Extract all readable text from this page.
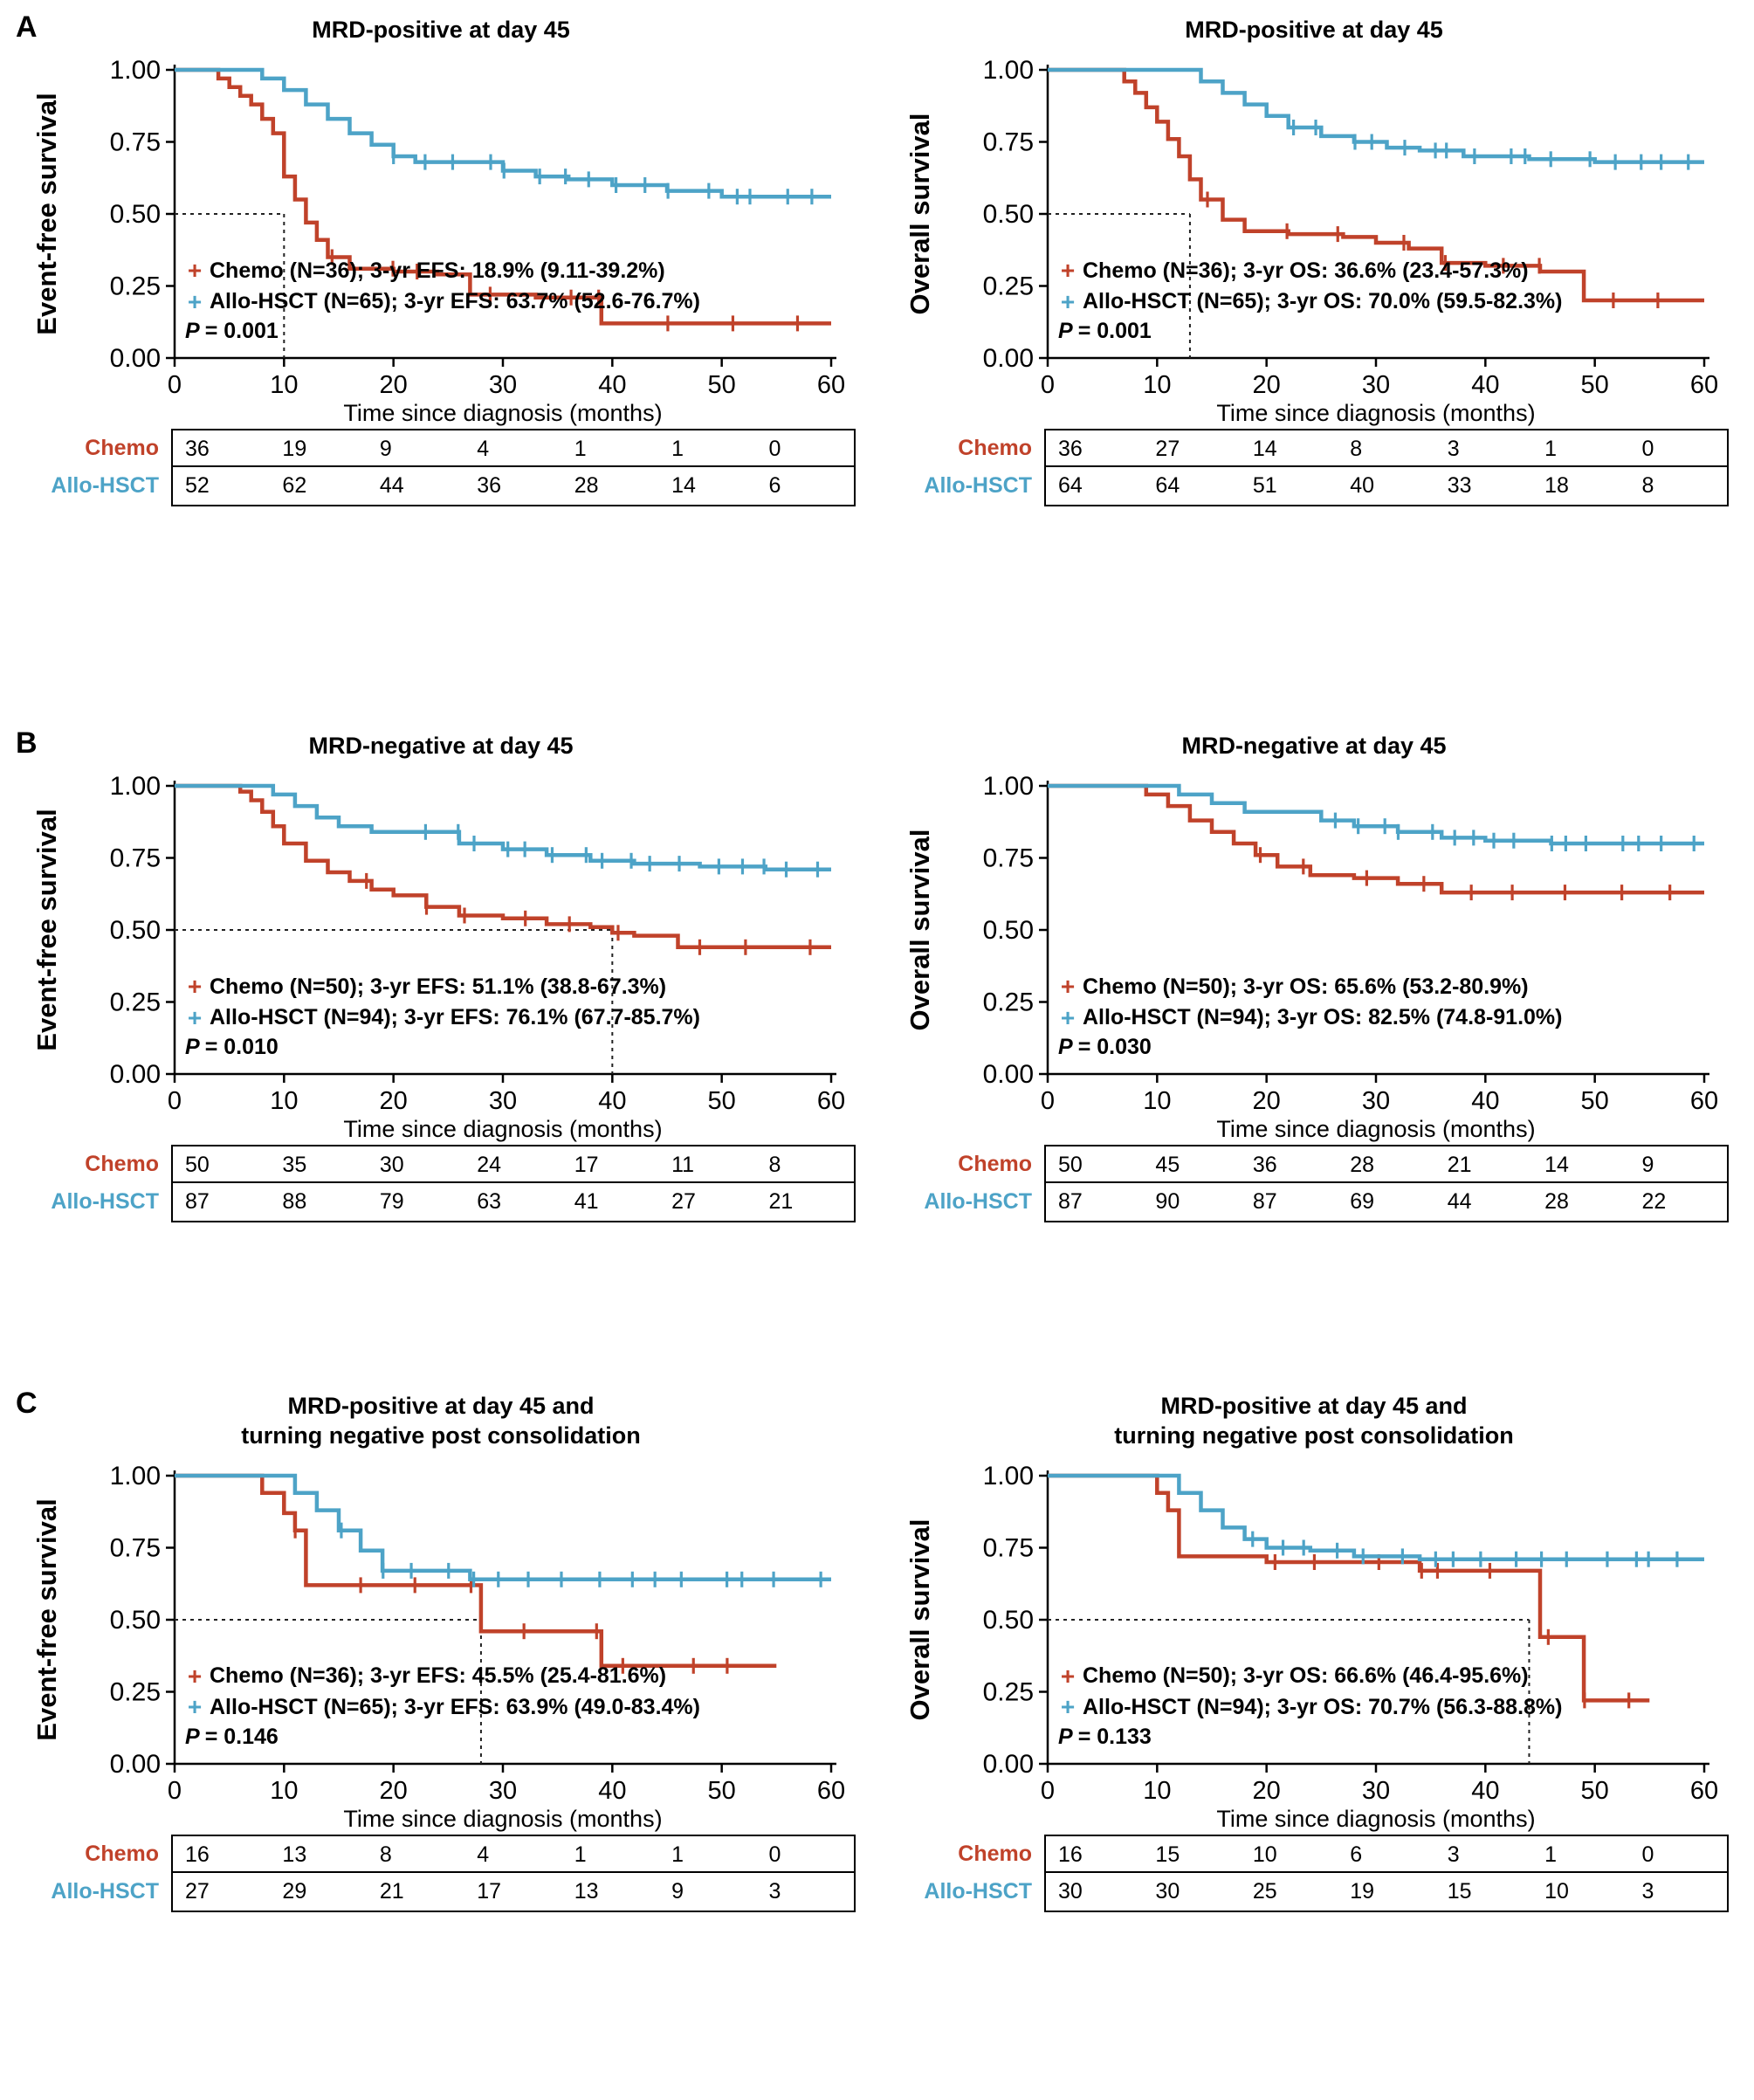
A
B
C
MRD-positive at day 45
0.00
0.25
0.50
0.75
1.00
0	10	20	30	40	50	60
Time since diagnosis (months)
Event-free survival	+ Chemo (N=36); 3-yr EFS: 18.9% (9.11-39.2%)
+ Allo-HSCT (N=65); 3-yr EFS: 63.7% (52.6-76.7%)
P = 0.001
Chemo	36	19	9	4	1	1	0
Allo-HSCT	52	62	44	36	28	14	6
MRD-positive at day 45
0.00
0.25
0.50
0.75
1.00
0	10	20	30	40	50	60
Time since diagnosis (months)
Overall survival	+ Chemo (N=36); 3-yr OS: 36.6% (23.4-57.3%)
+ Allo-HSCT (N=65); 3-yr OS: 70.0% (59.5-82.3%)
P = 0.001
Chemo	36	27	14	8	3	1	0
Allo-HSCT	64	64	51	40	33	18	8
MRD-negative at day 45
0.00
0.25
0.50
0.75
1.00
0	10	20	30	40	50	60
Time since diagnosis (months)
Event-free survival	+ Chemo (N=50); 3-yr EFS: 51.1% (38.8-67.3%)
+ Allo-HSCT (N=94); 3-yr EFS: 76.1% (67.7-85.7%)
P = 0.010
Chemo	50	35	30	24	17	11	8
Allo-HSCT	87	88	79	63	41	27	21
MRD-negative at day 45
0.00
0.25
0.50
0.75
1.00
0	10	20	30	40	50	60
Time since diagnosis (months)
Overall survival	+ Chemo (N=50); 3-yr OS: 65.6% (53.2-80.9%)
+ Allo-HSCT (N=94); 3-yr OS: 82.5% (74.8-91.0%)
P = 0.030
Chemo	50	45	36	28	21	14	9
Allo-HSCT	87	90	87	69	44	28	22
MRD-positive at day 45 and
turning negative post consolidation
0.00
0.25
0.50
0.75
1.00
0	10	20	30	40	50	60
Time since diagnosis (months)
Event-free survival	+ Chemo (N=36); 3-yr EFS: 45.5% (25.4-81.6%)
+ Allo-HSCT (N=65); 3-yr EFS: 63.9% (49.0-83.4%)
P = 0.146
Chemo	16	13	8	4	1	1	0
Allo-HSCT	27	29	21	17	13	9	3
MRD-positive at day 45 and
turning negative post consolidation
0.00
0.25
0.50
0.75
1.00
0	10	20	30	40	50	60
Time since diagnosis (months)
Overall survival	+ Chemo (N=50); 3-yr OS: 66.6% (46.4-95.6%)
+ Allo-HSCT (N=94); 3-yr OS: 70.7% (56.3-88.8%)
P = 0.133
Chemo	16	15	10	6	3	1	0
Allo-HSCT	30	30	25	19	15	10	3
